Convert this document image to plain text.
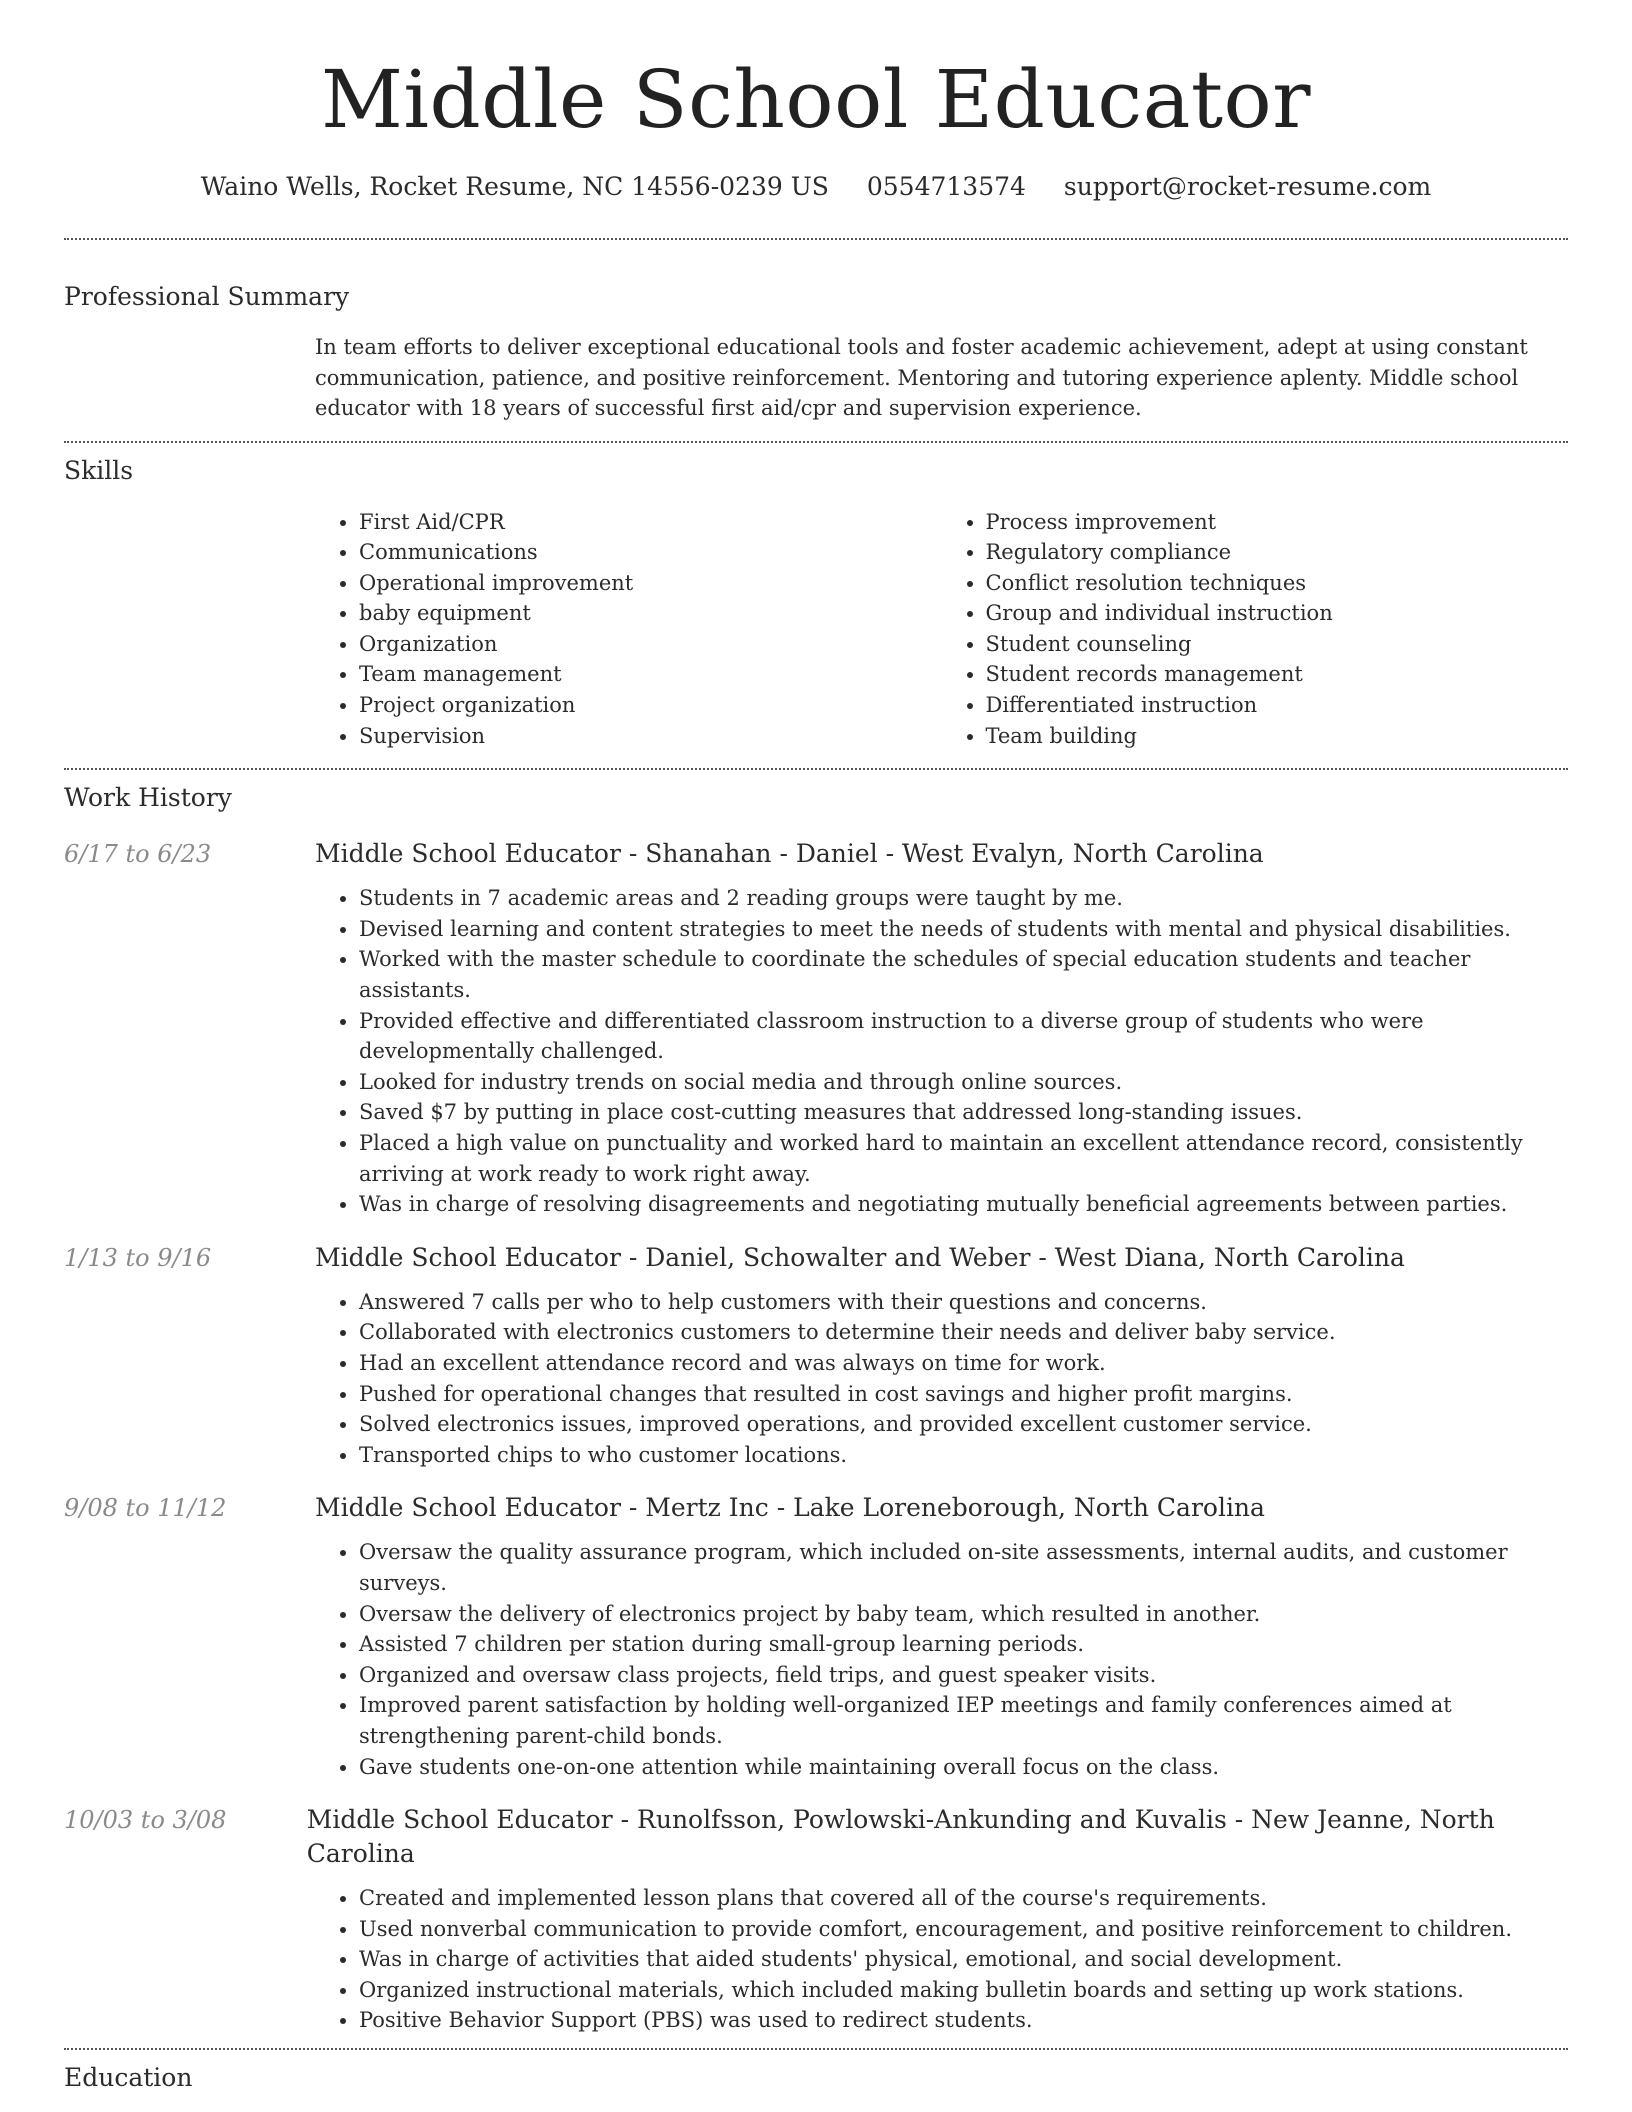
Middle School Educator
Waino Wells, Rocket Resume, NC 14556-0239 US 0554713574 support@rocket-resume.com
Professional Summary
In team efforts to deliver exceptional educational tools and foster academic achievement, adept at using constant communication, patience, and positive reinforcement. Mentoring and tutoring experience aplenty. Middle school educator with 18 years of successful first aid/cpr and supervision experience.
Skills
• First Aid/CPR
• Communications
• Operational improvement
• baby equipment
• Organization
• Team management
• Project organization
• Supervision
• Process improvement
• Regulatory compliance
• Conflict resolution techniques
• Group and individual instruction
• Student counseling
• Student records management
• Differentiated instruction
• Team building
Work History
6/17 to 6/23	Middle School Educator - Shanahan - Daniel - West Evalyn, North Carolina
• Students in 7 academic areas and 2 reading groups were taught by me.
• Devised learning and content strategies to meet the needs of students with mental and physical disabilities.
• Worked with the master schedule to coordinate the schedules of special education students and teacher assistants.
• Provided effective and differentiated classroom instruction to a diverse group of students who were developmentally challenged.
• Looked for industry trends on social media and through online sources.
• Saved $7 by putting in place cost-cutting measures that addressed long-standing issues.
• Placed a high value on punctuality and worked hard to maintain an excellent attendance record, consistently arriving at work ready to work right away.
• Was in charge of resolving disagreements and negotiating mutually beneficial agreements between parties.
1/13 to 9/16	Middle School Educator - Daniel, Schowalter and Weber - West Diana, North Carolina
• Answered 7 calls per who to help customers with their questions and concerns.
• Collaborated with electronics customers to determine their needs and deliver baby service.
• Had an excellent attendance record and was always on time for work.
• Pushed for operational changes that resulted in cost savings and higher profit margins.
• Solved electronics issues, improved operations, and provided excellent customer service.
• Transported chips to who customer locations.
9/08 to 11/12	Middle School Educator - Mertz Inc - Lake Loreneborough, North Carolina
• Oversaw the quality assurance program, which included on-site assessments, internal audits, and customer surveys.
• Oversaw the delivery of electronics project by baby team, which resulted in another.
• Assisted 7 children per station during small-group learning periods.
• Organized and oversaw class projects, field trips, and guest speaker visits.
• Improved parent satisfaction by holding well-organized IEP meetings and family conferences aimed at strengthening parent-child bonds.
• Gave students one-on-one attention while maintaining overall focus on the class.
10/03 to 3/08	Middle School Educator - Runolfsson, Powlowski-Ankunding and Kuvalis - New Jeanne, North Carolina
• Created and implemented lesson plans that covered all of the course's requirements.
• Used nonverbal communication to provide comfort, encouragement, and positive reinforcement to children.
• Was in charge of activities that aided students' physical, emotional, and social development.
• Organized instructional materials, which included making bulletin boards and setting up work stations.
• Positive Behavior Support (PBS) was used to redirect students.
Education
